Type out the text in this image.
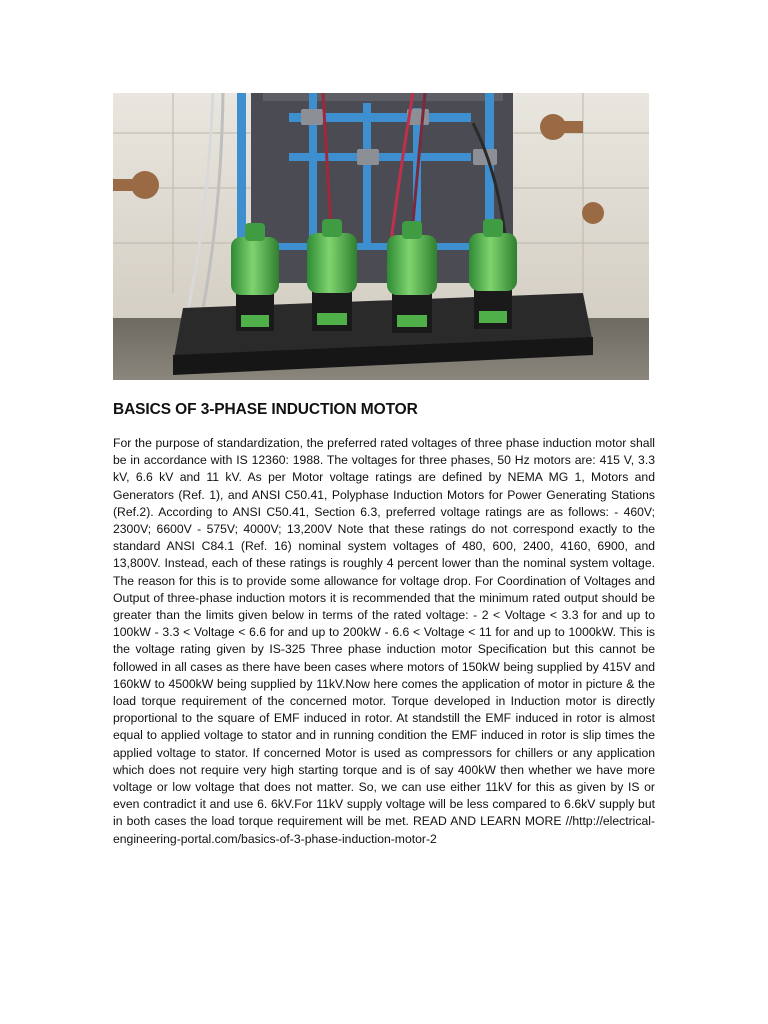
BASICS OF 3-PHASE INDUCTION MOTOR
For the purpose of standardization, the preferred rated voltages of three phase induction motor shall be in accordance with IS 12360: 1988. The voltages for three phases, 50 Hz motors are: 415 V, 3.3 kV, 6.6 kV and 11 kV. As per Motor voltage ratings are defined by NEMA MG 1, Motors and Generators (Ref. 1), and ANSI C50.41, Polyphase Induction Motors for Power Generating Stations (Ref.2). According to ANSI C50.41, Section 6.3, preferred voltage ratings are as follows: - 460V; 2300V; 6600V - 575V; 4000V; 13,200V Note that these ratings do not correspond exactly to the standard ANSI C84.1 (Ref. 16) nominal system voltages of 480, 600, 2400, 4160, 6900, and 13,800V. Instead, each of these ratings is roughly 4 percent lower than the nominal system voltage. The reason for this is to provide some allowance for voltage drop. For Coordination of Voltages and Output of three-phase induction motors it is recommended that the minimum rated output should be greater than the limits given below in terms of the rated voltage: - 2 < Voltage < 3.3 for and up to 100kW - 3.3 < Voltage < 6.6 for and up to 200kW - 6.6 < Voltage < 11 for and up to 1000kW. This is the voltage rating given by IS-325 Three phase induction motor Specification but this cannot be followed in all cases as there have been cases where motors of 150kW being supplied by 415V and 160kW to 4500kW being supplied by 11kV.Now here comes the application of motor in picture & the load torque requirement of the concerned motor. Torque developed in Induction motor is directly proportional to the square of EMF induced in rotor. At standstill the EMF induced in rotor is almost equal to applied voltage to stator and in running condition the EMF induced in rotor is slip times the applied voltage to stator. If concerned Motor is used as compressors for chillers or any application which does not require very high starting torque and is of say 400kW then whether we have more voltage or low voltage that does not matter. So, we can use either 11kV for this as given by IS or even contradict it and use 6. 6kV.For 11kV supply voltage will be less compared to 6.6kV supply but in both cases the load torque requirement will be met. READ AND LEARN MORE //http://electrical-engineering-portal.com/basics-of-3-phase-induction-motor-2
